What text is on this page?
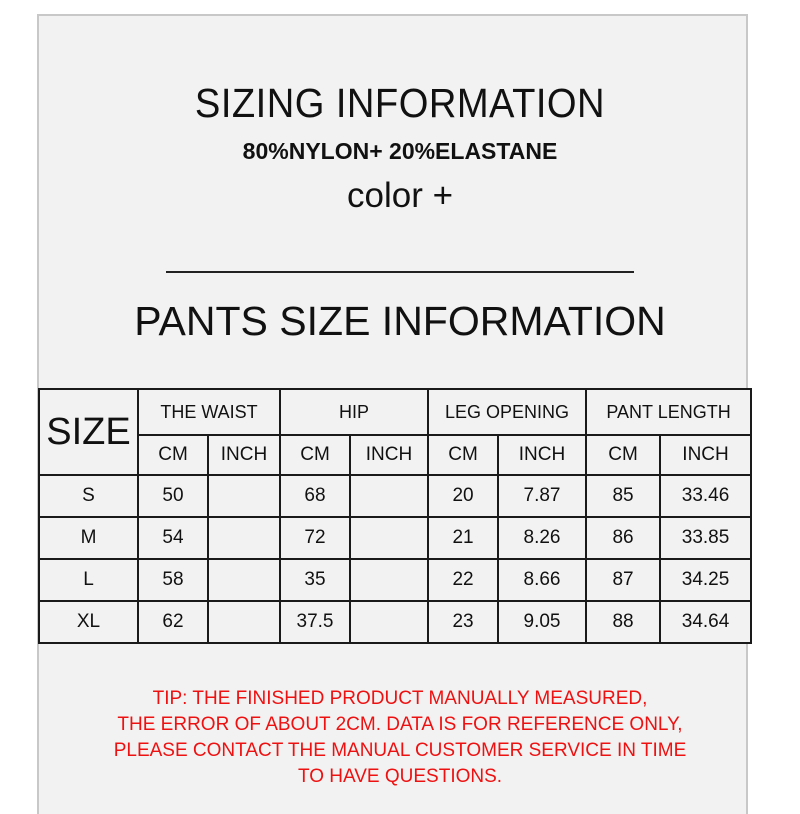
SIZING INFORMATION
80%NYLON+ 20%ELASTANE
color +
PANTS SIZE INFORMATION
SIZE	THE WAIST		HIP		LEG OPENING		PANT LENGTH	
	CM	INCH	CM	INCH	CM	INCH	CM	INCH
S	50		68		20	7.87	85	33.46
M	54		72		21	8.26	86	33.85
L	58		35		22	8.66	87	34.25
XL	62		37.5		23	9.05	88	34.64
TIP: THE FINISHED PRODUCT MANUALLY MEASURED,
THE ERROR OF ABOUT 2CM. DATA IS FOR REFERENCE ONLY,
PLEASE CONTACT THE MANUAL CUSTOMER SERVICE IN TIME
TO HAVE QUESTIONS.
